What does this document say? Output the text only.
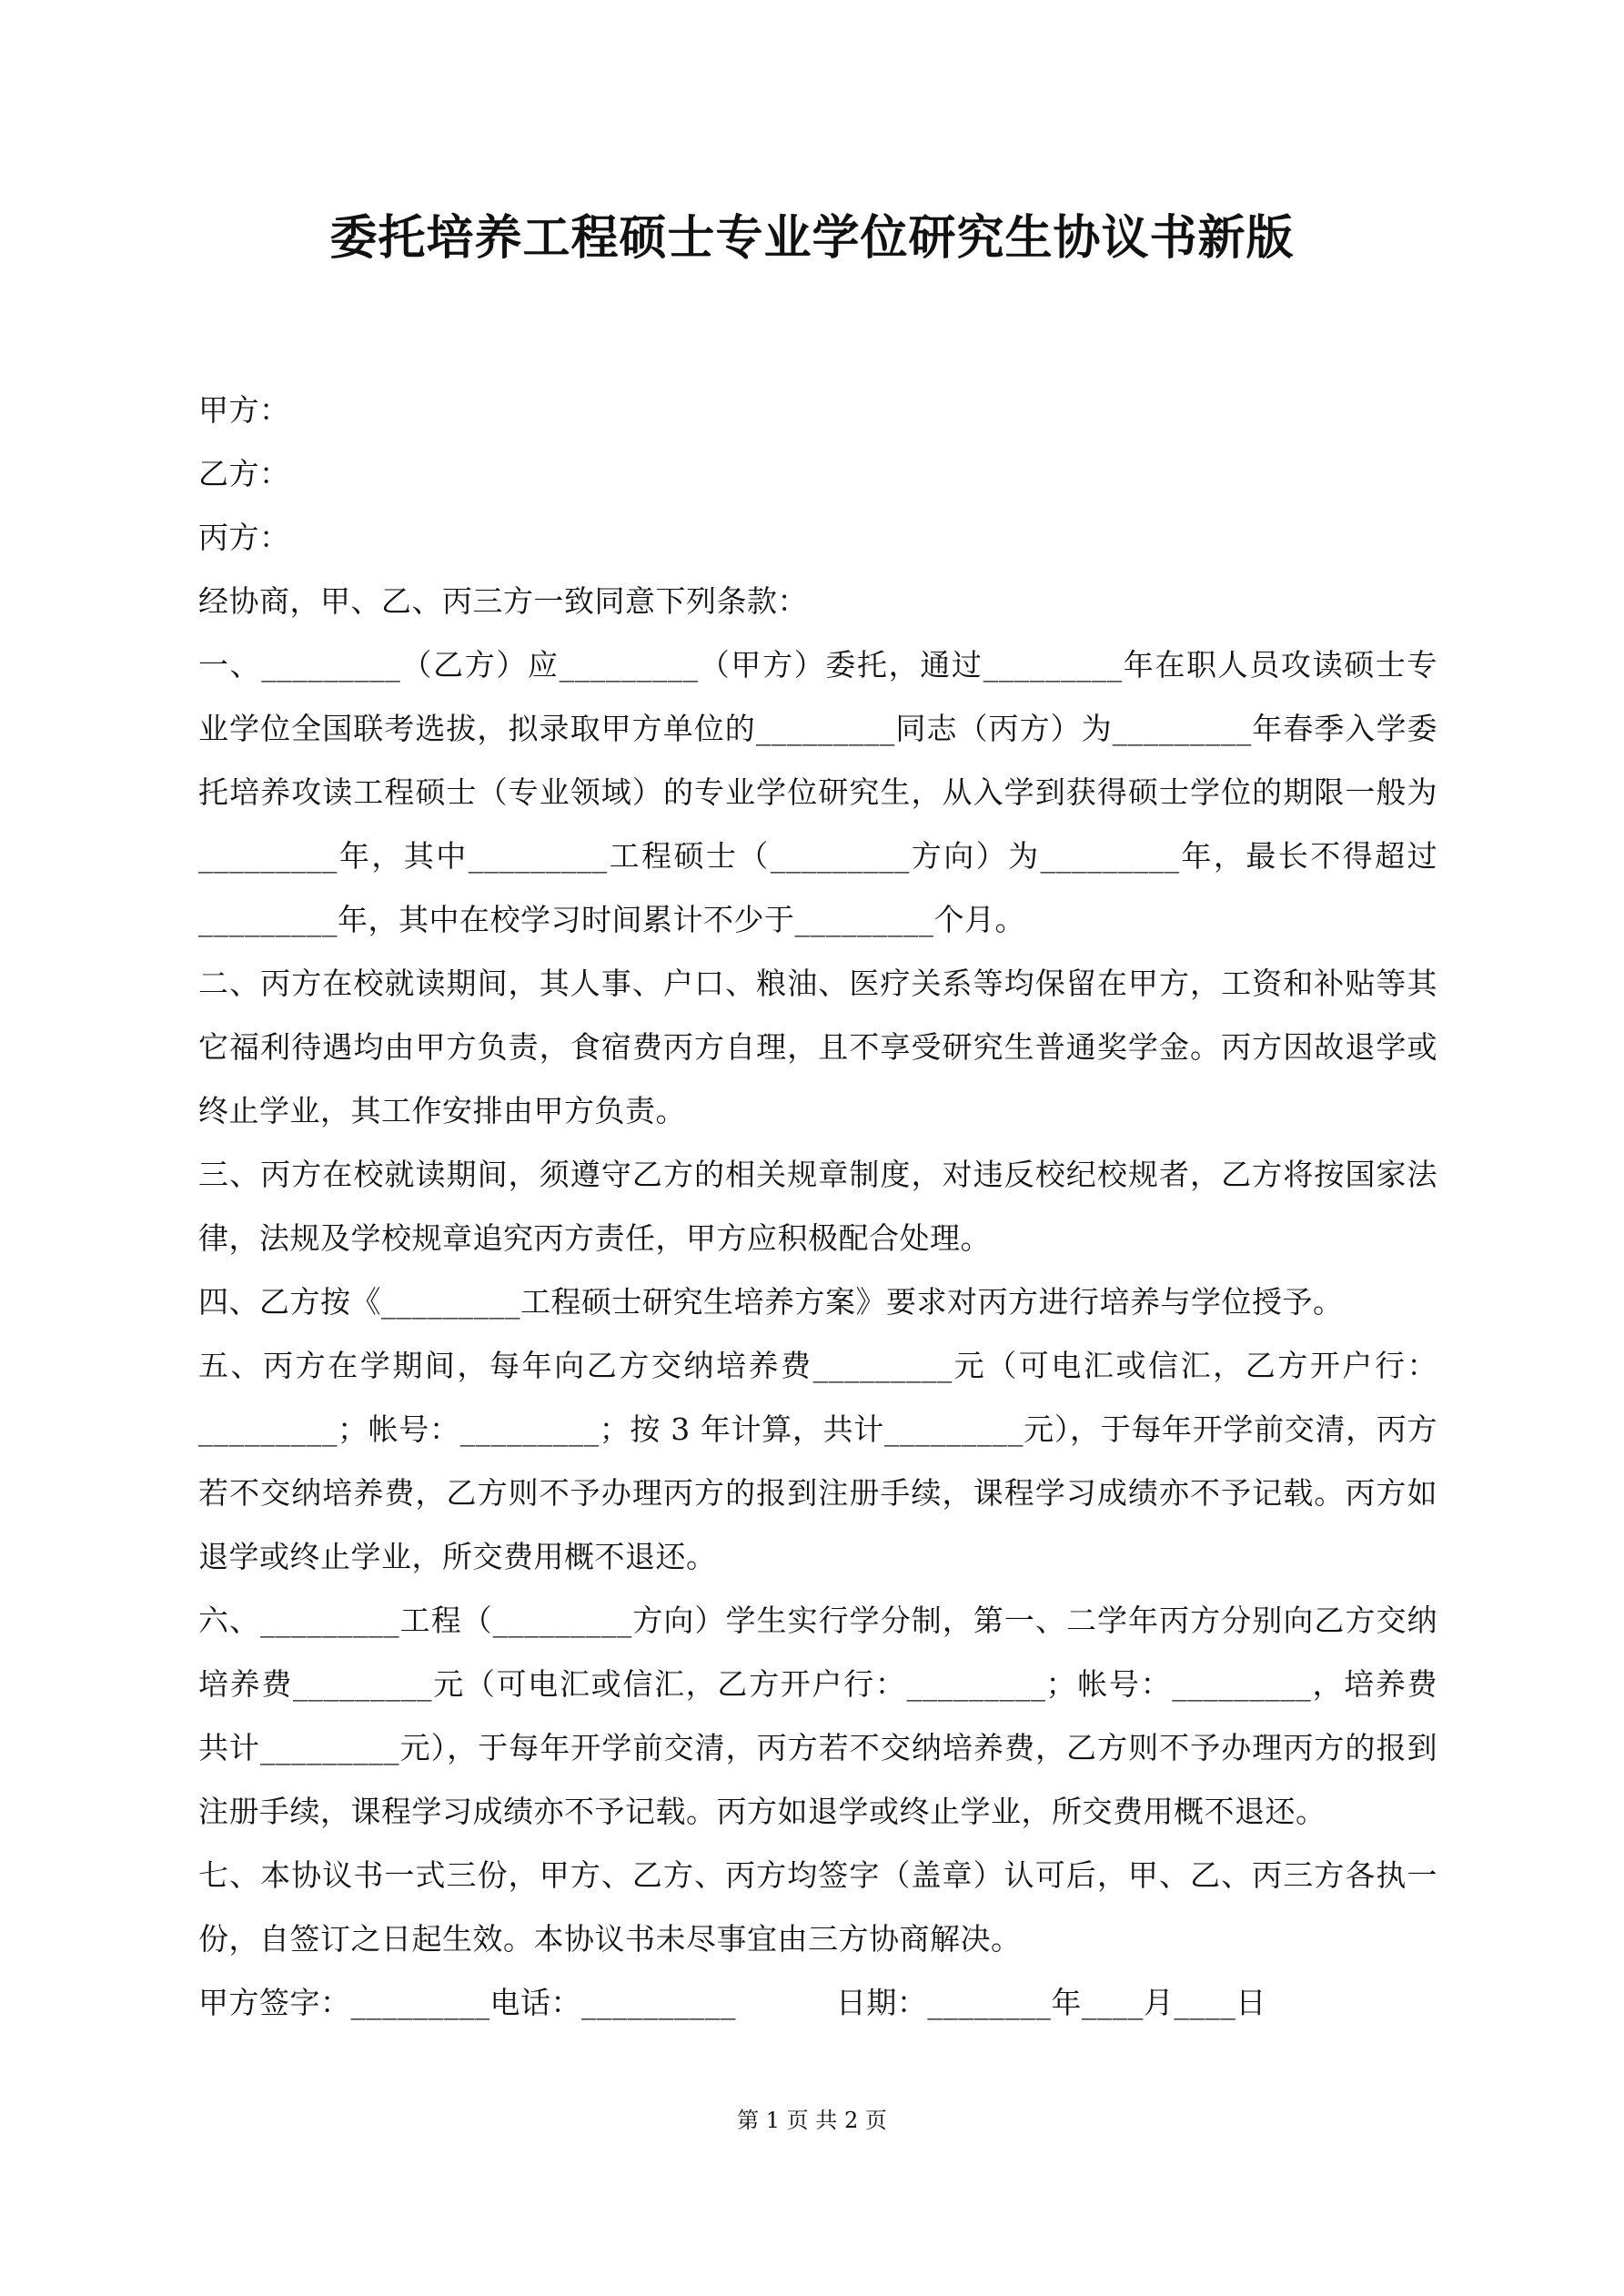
委托培养工程硕士专业学位研究生协议书新版

甲方：

乙方：

丙方：

经协商，甲、乙、丙三方一致同意下列条款：

一、_________（乙方）应_________（甲方）委托，通过_________年在职人员攻读硕士专业学位全国联考选拔，拟录取甲方单位的_________同志（丙方）为_________年春季入学委托培养攻读工程硕士（专业领域）的专业学位研究生，从入学到获得硕士学位的期限一般为_________年，其中_________工程硕士（_________方向）为_________年，最长不得超过_________年，其中在校学习时间累计不少于_________个月。

二、丙方在校就读期间，其人事、户口、粮油、医疗关系等均保留在甲方，工资和补贴等其它福利待遇均由甲方负责，食宿费丙方自理，且不享受研究生普通奖学金。丙方因故退学或终止学业，其工作安排由甲方负责。

三、丙方在校就读期间，须遵守乙方的相关规章制度，对违反校纪校规者，乙方将按国家法律，法规及学校规章追究丙方责任，甲方应积极配合处理。

四、乙方按《_________工程硕士研究生培养方案》要求对丙方进行培养与学位授予。

五、丙方在学期间，每年向乙方交纳培养费_________元（可电汇或信汇，乙方开户行：_________；帐号：_________；按 3 年计算，共计_________元），于每年开学前交清，丙方若不交纳培养费，乙方则不予办理丙方的报到注册手续，课程学习成绩亦不予记载。丙方如退学或终止学业，所交费用概不退还。

六、_________工程（_________方向）学生实行学分制，第一、二学年丙方分别向乙方交纳培养费_________元（可电汇或信汇，乙方开户行：_________；帐号：_________，培养费共计_________元），于每年开学前交清，丙方若不交纳培养费，乙方则不予办理丙方的报到注册手续，课程学习成绩亦不予记载。丙方如退学或终止学业，所交费用概不退还。

七、本协议书一式三份，甲方、乙方、丙方均签字（盖章）认可后，甲、乙、丙三方各执一份，自签订之日起生效。本协议书未尽事宜由三方协商解决。

甲方签字：_________电话：__________          日期：________年____月____日

第 1 页 共 2 页
